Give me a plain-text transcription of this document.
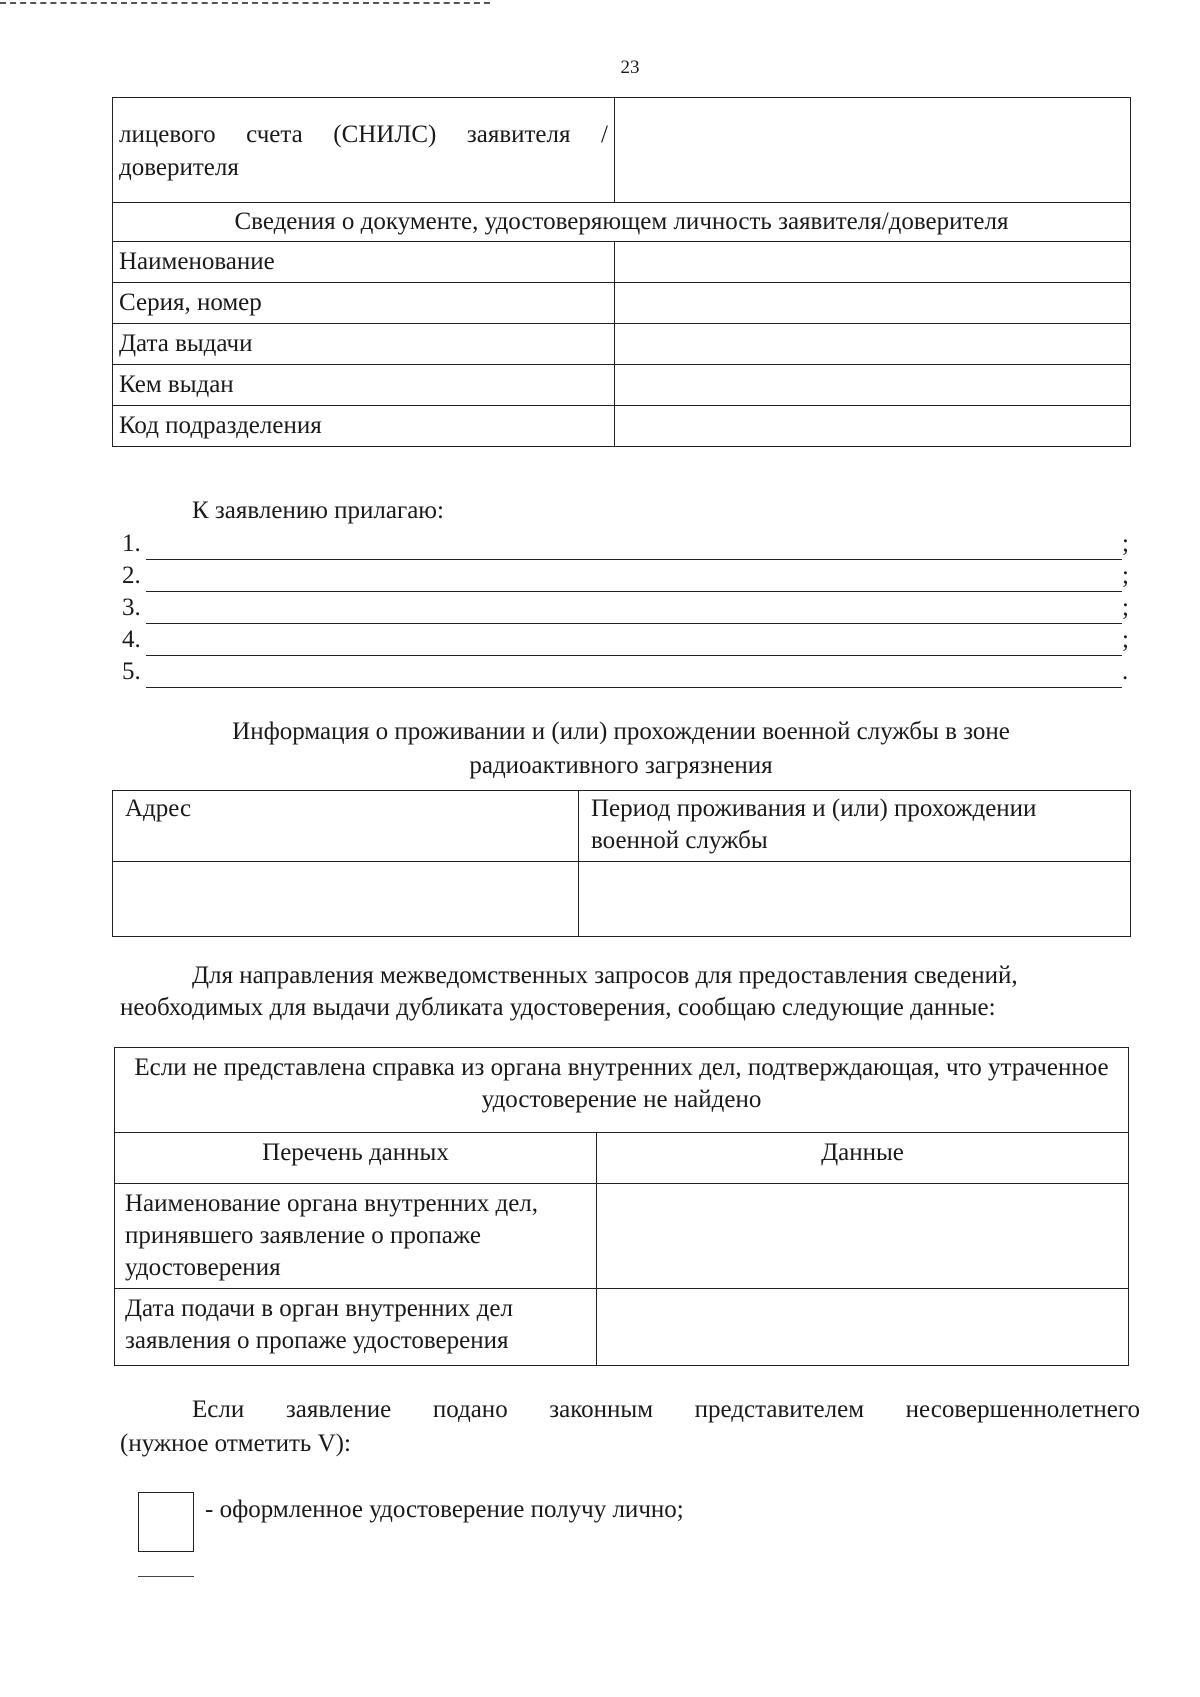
23
лицевого счета (СНИЛС) заявителя / доверителя	

Сведения о документе, удостоверяющем личность заявителя/доверителя	
Наименование	
Серия, номер	
Дата выдачи	
Кем выдан	
Код подразделения	
К заявлению прилагаю:
1.	;
2.	;
3.	;
4.	;
5.	.
Информация о проживании и (или) прохождении военной службы в зоне
радиоактивного загрязнения
Адрес	Период проживания и (или) прохождении военной службы

Для направления межведомственных запросов для предоставления сведений, необходимых для выдачи дубликата удостоверения, сообщаю следующие данные:
Если не представлена справка из органа внутренних дел, подтверждающая, что утраченное удостоверение не найдено	
Перечень данных	Данные
Наименование органа внутренних дел, принявшего заявление о пропаже удостоверения	
Дата подачи в орган внутренних дел заявления о пропаже удостоверения	
Если заявление подано законным представителем несовершеннолетнего
(нужное отметить V):
- оформленное удостоверение получу лично;
